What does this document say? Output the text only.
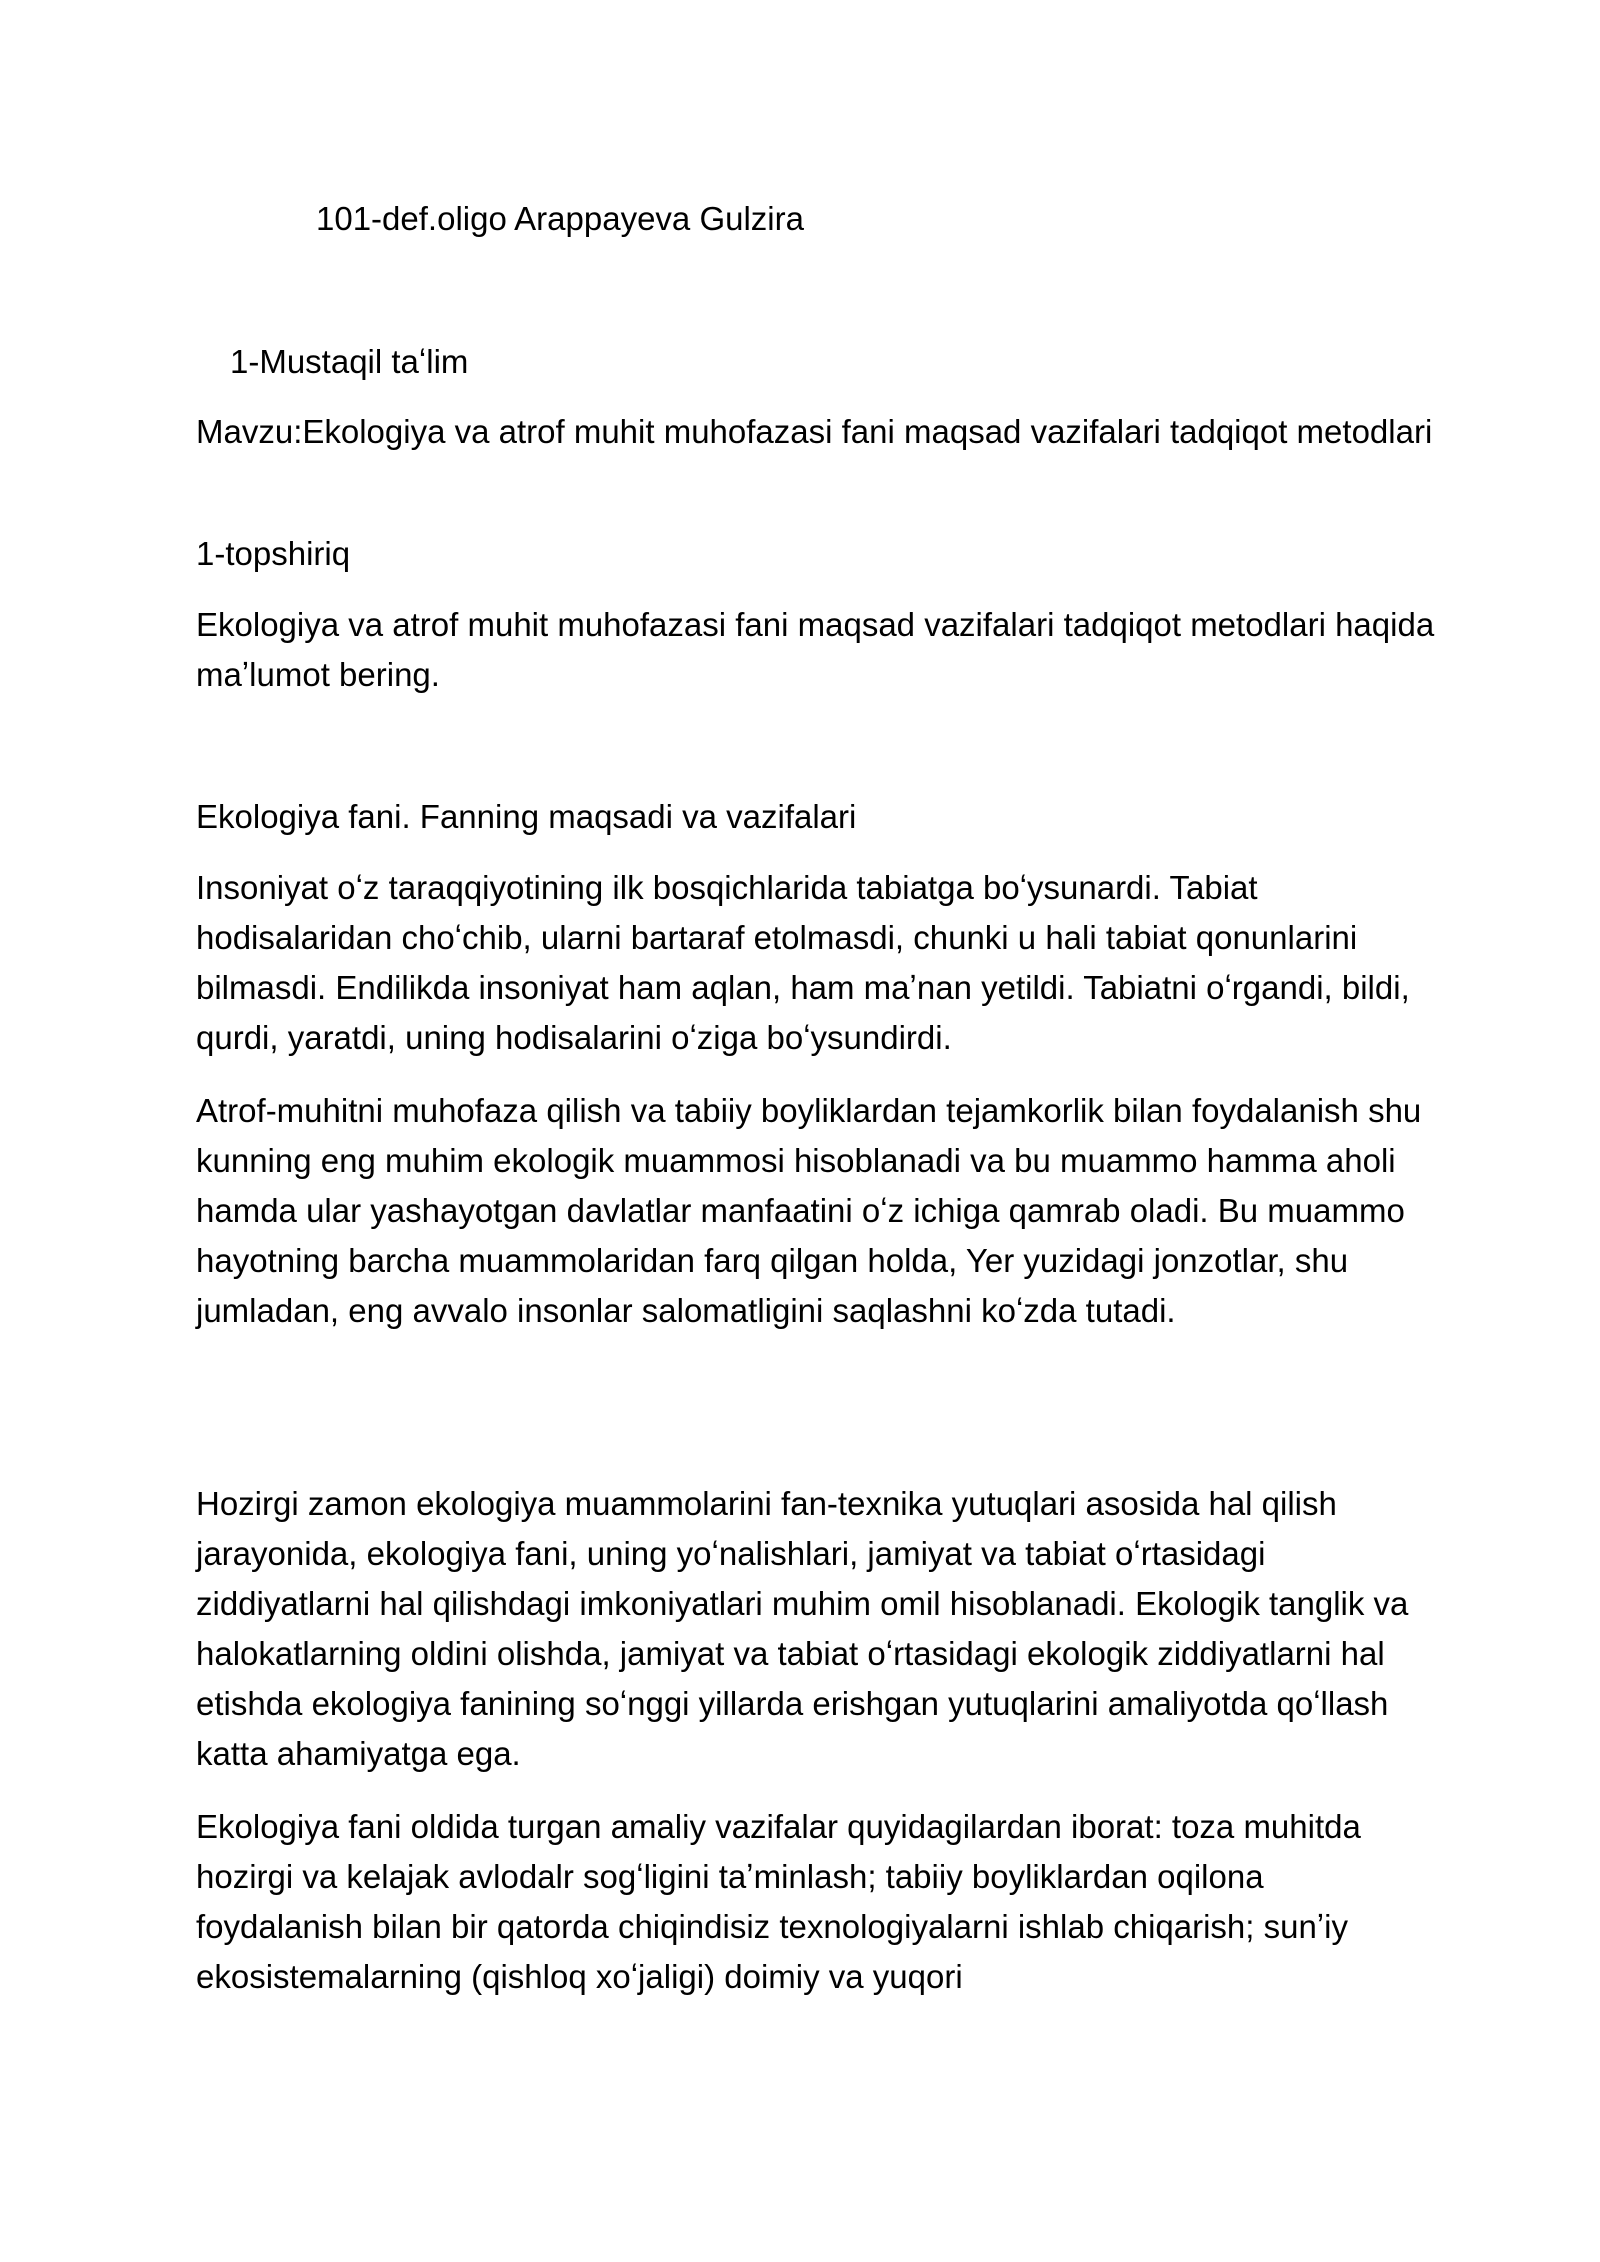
101-def.oligo Arappayeva Gulzira

1-Mustaqil taʻlim

Mavzu:Ekologiya va atrof muhit muhofazasi fani maqsad vazifalari tadqiqot metodlari

1-topshiriq

Ekologiya va atrof muhit muhofazasi fani maqsad vazifalari tadqiqot metodlari haqida maʼlumot bering.

Ekologiya fani. Fanning maqsadi va vazifalari

Insoniyat oʻz taraqqiyotining ilk bosqichlarida tabiatga boʻysunardi. Tabiat hodisalaridan choʻchib, ularni bartaraf etolmasdi, chunki u hali tabiat qonunlarini bilmasdi. Endilikda insoniyat ham aqlan, ham maʼnan yetildi. Tabiatni oʻrgandi, bildi, qurdi, yaratdi, uning hodisalarini oʻziga boʻysundirdi.

Atrof-muhitni muhofaza qilish va tabiiy boyliklardan tejamkorlik bilan foydalanish shu kunning eng muhim ekologik muammosi hisoblanadi va bu muammo hamma aholi hamda ular yashayotgan davlatlar manfaatini oʻz ichiga qamrab oladi. Bu muammo hayotning barcha muammolaridan farq qilgan holda, Yer yuzidagi jonzotlar, shu jumladan, eng avvalo insonlar salomatligini saqlashni koʻzda tutadi.

Hozirgi zamon ekologiya muammolarini fan-texnika yutuqlari asosida hal qilish jarayonida, ekologiya fani, uning yoʻnalishlari, jamiyat va tabiat oʻrtasidagi ziddiyatlarni hal qilishdagi imkoniyatlari muhim omil hisoblanadi. Ekologik tanglik va halokatlarning oldini olishda, jamiyat va tabiat oʻrtasidagi ekologik ziddiyatlarni hal etishda ekologiya fanining soʻnggi yillarda erishgan yutuqlarini amaliyotda qoʻllash katta ahamiyatga ega.

Ekologiya fani oldida turgan amaliy vazifalar quyidagilardan iborat: toza muhitda hozirgi va kelajak avlodalr sogʻligini taʼminlash; tabiiy boyliklardan oqilona foydalanish bilan bir qatorda chiqindisiz texnologiyalarni ishlab chiqarish; sunʼiy ekosistemalarning (qishloq xoʻjaligi) doimiy va yuqori
